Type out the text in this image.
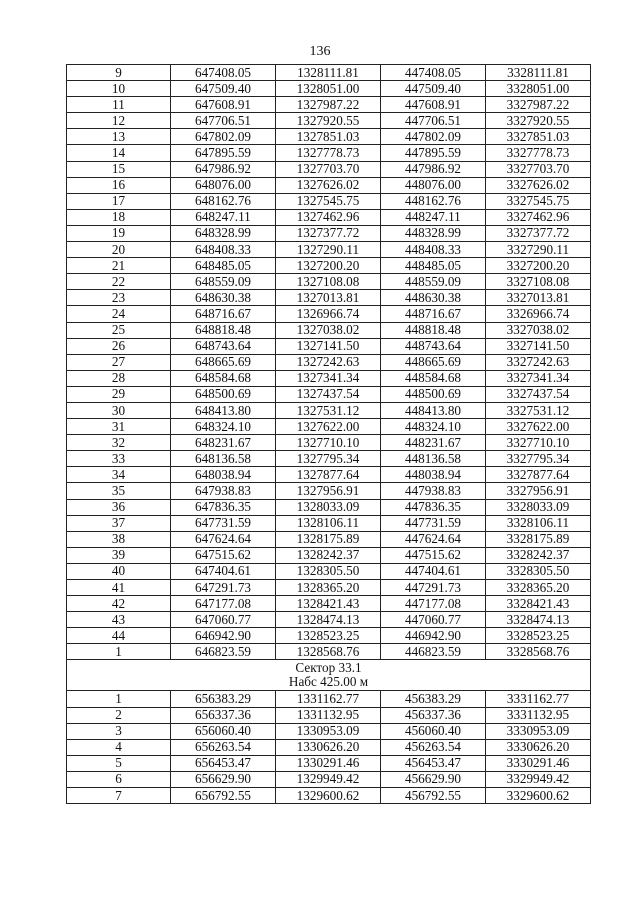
136
9	647408.05	1328111.81	447408.05	3328111.81
10	647509.40	1328051.00	447509.40	3328051.00
11	647608.91	1327987.22	447608.91	3327987.22
12	647706.51	1327920.55	447706.51	3327920.55
13	647802.09	1327851.03	447802.09	3327851.03
14	647895.59	1327778.73	447895.59	3327778.73
15	647986.92	1327703.70	447986.92	3327703.70
16	648076.00	1327626.02	448076.00	3327626.02
17	648162.76	1327545.75	448162.76	3327545.75
18	648247.11	1327462.96	448247.11	3327462.96
19	648328.99	1327377.72	448328.99	3327377.72
20	648408.33	1327290.11	448408.33	3327290.11
21	648485.05	1327200.20	448485.05	3327200.20
22	648559.09	1327108.08	448559.09	3327108.08
23	648630.38	1327013.81	448630.38	3327013.81
24	648716.67	1326966.74	448716.67	3326966.74
25	648818.48	1327038.02	448818.48	3327038.02
26	648743.64	1327141.50	448743.64	3327141.50
27	648665.69	1327242.63	448665.69	3327242.63
28	648584.68	1327341.34	448584.68	3327341.34
29	648500.69	1327437.54	448500.69	3327437.54
30	648413.80	1327531.12	448413.80	3327531.12
31	648324.10	1327622.00	448324.10	3327622.00
32	648231.67	1327710.10	448231.67	3327710.10
33	648136.58	1327795.34	448136.58	3327795.34
34	648038.94	1327877.64	448038.94	3327877.64
35	647938.83	1327956.91	447938.83	3327956.91
36	647836.35	1328033.09	447836.35	3328033.09
37	647731.59	1328106.11	447731.59	3328106.11
38	647624.64	1328175.89	447624.64	3328175.89
39	647515.62	1328242.37	447515.62	3328242.37
40	647404.61	1328305.50	447404.61	3328305.50
41	647291.73	1328365.20	447291.73	3328365.20
42	647177.08	1328421.43	447177.08	3328421.43
43	647060.77	1328474.13	447060.77	3328474.13
44	646942.90	1328523.25	446942.90	3328523.25
1	646823.59	1328568.76	446823.59	3328568.76

Сектор 33.1
Набс 425.00 м				

1	656383.29	1331162.77	456383.29	3331162.77
2	656337.36	1331132.95	456337.36	3331132.95
3	656060.40	1330953.09	456060.40	3330953.09
4	656263.54	1330626.20	456263.54	3330626.20
5	656453.47	1330291.46	456453.47	3330291.46
6	656629.90	1329949.42	456629.90	3329949.42
7	656792.55	1329600.62	456792.55	3329600.62
